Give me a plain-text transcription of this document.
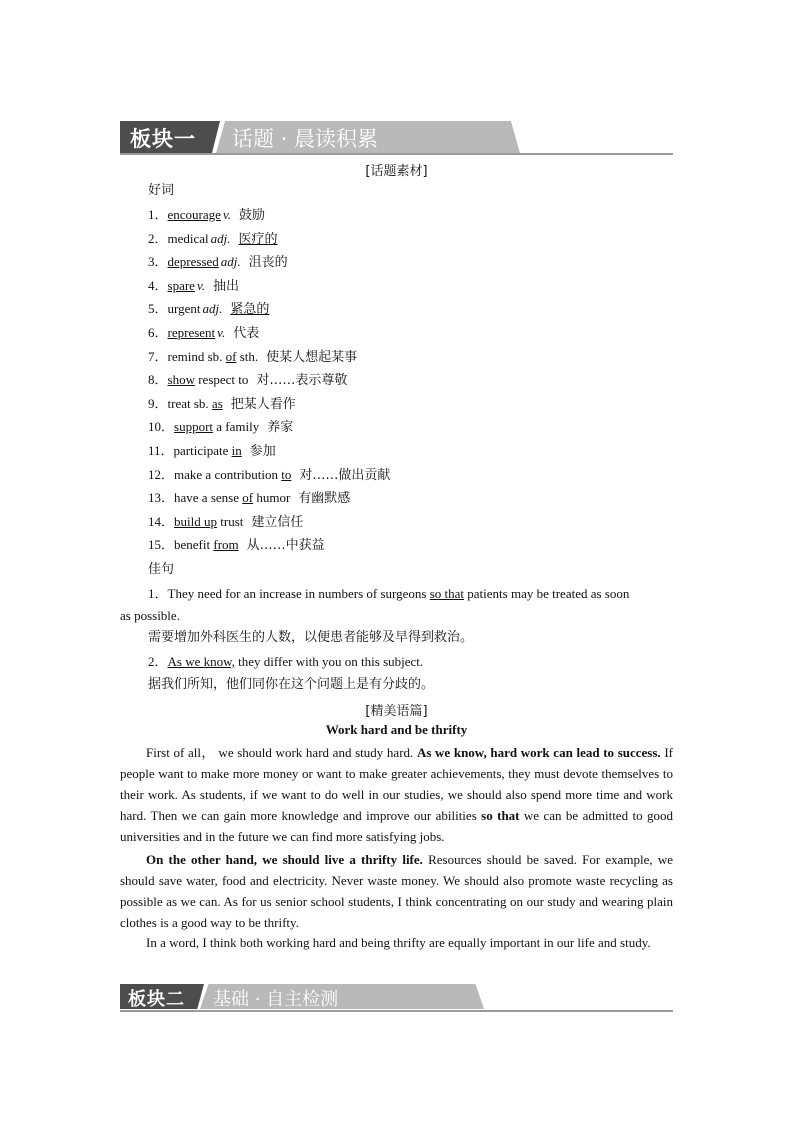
板块一 话题 · 晨读积累
[话题素材]
好词
1．encourage v. 鼓励
2．medical adj. 医疗的
3．depressed adj. 沮丧的
4．spare v. 抽出
5．urgent adj. 紧急的
6．represent v. 代表
7．remind sb. of sth. 使某人想起某事
8．show respect to 对……表示尊敬
9．treat sb. as 把某人看作
10．support a family 养家
11．participate in 参加
12．make a contribution to 对……做出贡献
13．have a sense of humor 有幽默感
14．build up trust 建立信任
15．benefit from 从……中获益
佳句
1．They need for an increase in numbers of surgeons so that patients may be treated as soon
as possible.
需要增加外科医生的人数，以便患者能够及早得到救治。
2．As we know, they differ with you on this subject.
据我们所知，他们同你在这个问题上是有分歧的。
[精美语篇]
Work hard and be thrifty
First of all， we should work hard and study hard. As we know, hard work can lead to success. If people want to make more money or want to make greater achievements, they must devote themselves to their work. As students, if we want to do well in our studies, we should also spend more time and work hard. Then we can gain more knowledge and improve our abilities so that we can be admitted to good universities and in the future we can find more satisfying jobs.
On the other hand, we should live a thrifty life. Resources should be saved. For example, we should save water, food and electricity. Never waste money. We should also promote waste recycling as possible as we can. As for us senior school students, I think concentrating on our study and wearing plain clothes is a good way to be thrifty.
In a word, I think both working hard and being thrifty are equally important in our life and study.
板块二 基础 · 自主检测
